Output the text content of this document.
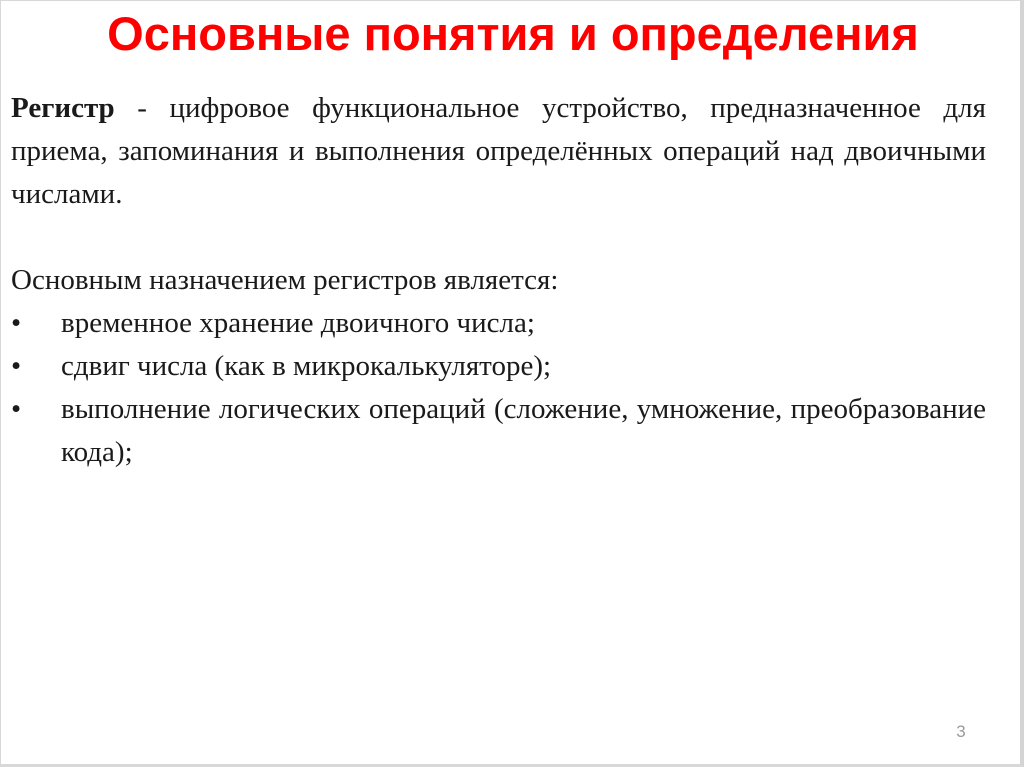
Основные понятия и определения

Регистр - цифровое функциональное устройство, предназначенное для приема, запоминания и выполнения определённых операций над двоичными числами.

Основным назначением регистров является:

• временное хранение двоичного числа;
• сдвиг числа (как в микрокалькуляторе);
• выполнение логических операций (сложение, умножение, преобразование кода);
3
